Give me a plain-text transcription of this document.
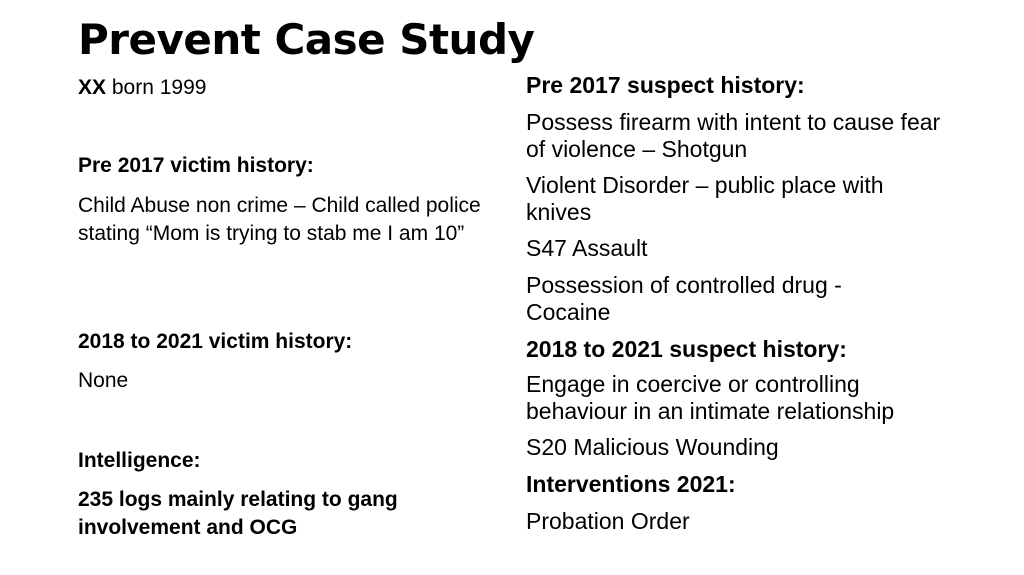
Prevent Case Study

XX born 1999

Pre 2017 victim history:

Child Abuse non crime – Child called police stating “Mom is trying to stab me I am 10”

2018 to 2021 victim history:

None

Intelligence:

235 logs mainly relating to gang involvement and OCG

Pre 2017 suspect history:

Possess firearm with intent to cause fear of violence – Shotgun

Violent Disorder – public place with knives

S47 Assault

Possession of controlled drug - Cocaine

2018 to 2021 suspect history:

Engage in coercive or controlling behaviour in an intimate relationship

S20 Malicious Wounding

Interventions 2021:

Probation Order
